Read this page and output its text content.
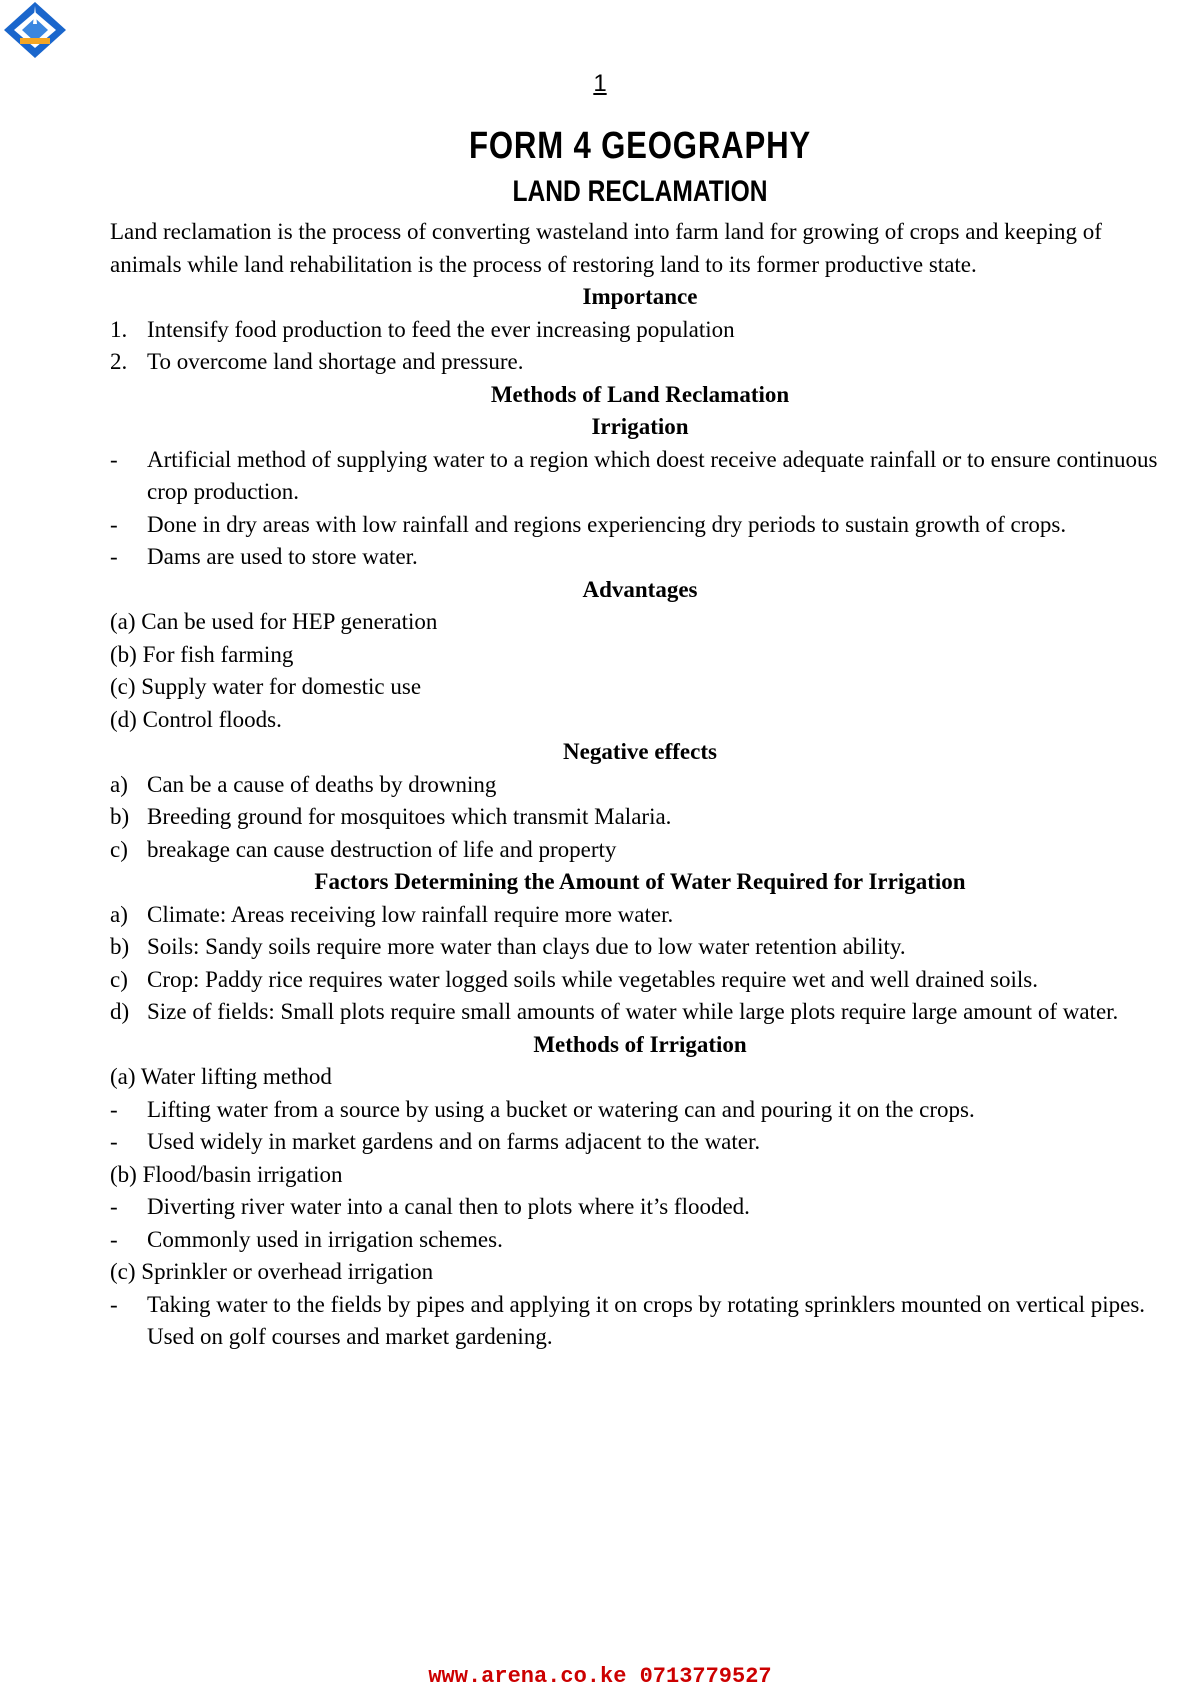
1
FORM 4 GEOGRAPHY
LAND RECLAMATION

Land reclamation is the process of converting wasteland into farm land for growing of crops and keeping of animals while land rehabilitation is the process of restoring land to its former productive state.

Importance

1. Intensify food production to feed the ever increasing population
2. To overcome land shortage and pressure.

Methods of Land Reclamation

Irrigation

-	Artificial method of supplying water to a region which doest receive adequate rainfall or to ensure continuous crop production.
-	Done in dry areas with low rainfall and regions experiencing dry periods to sustain growth of crops.
-	Dams are used to store water.

Advantages

(a) Can be used for HEP generation

(b) For fish farming

(c) Supply water for domestic use

(d) Control floods.

Negative effects

a) Can be a cause of deaths by drowning
b) Breeding ground for mosquitoes which transmit Malaria.
c) breakage can cause destruction of life and property

Factors Determining the Amount of Water Required for Irrigation

a) Climate: Areas receiving low rainfall require more water.
b) Soils: Sandy soils require more water than clays due to low water retention ability.
c) Crop: Paddy rice requires water logged soils while vegetables require wet and well drained soils.
d) Size of fields: Small plots require small amounts of water while large plots require large amount of water.

Methods of Irrigation

(a) Water lifting method

-	Lifting water from a source by using a bucket or watering can and pouring it on the crops.
-	Used widely in market gardens and on farms adjacent to the water.

(b) Flood/basin irrigation

-	Diverting river water into a canal then to plots where it’s flooded.
-	Commonly used in irrigation schemes.

(c) Sprinkler or overhead irrigation

-	Taking water to the fields by pipes and applying it on crops by rotating sprinklers mounted on vertical pipes.

Used on golf courses and market gardening.

www.arena.co.ke 0713779527
